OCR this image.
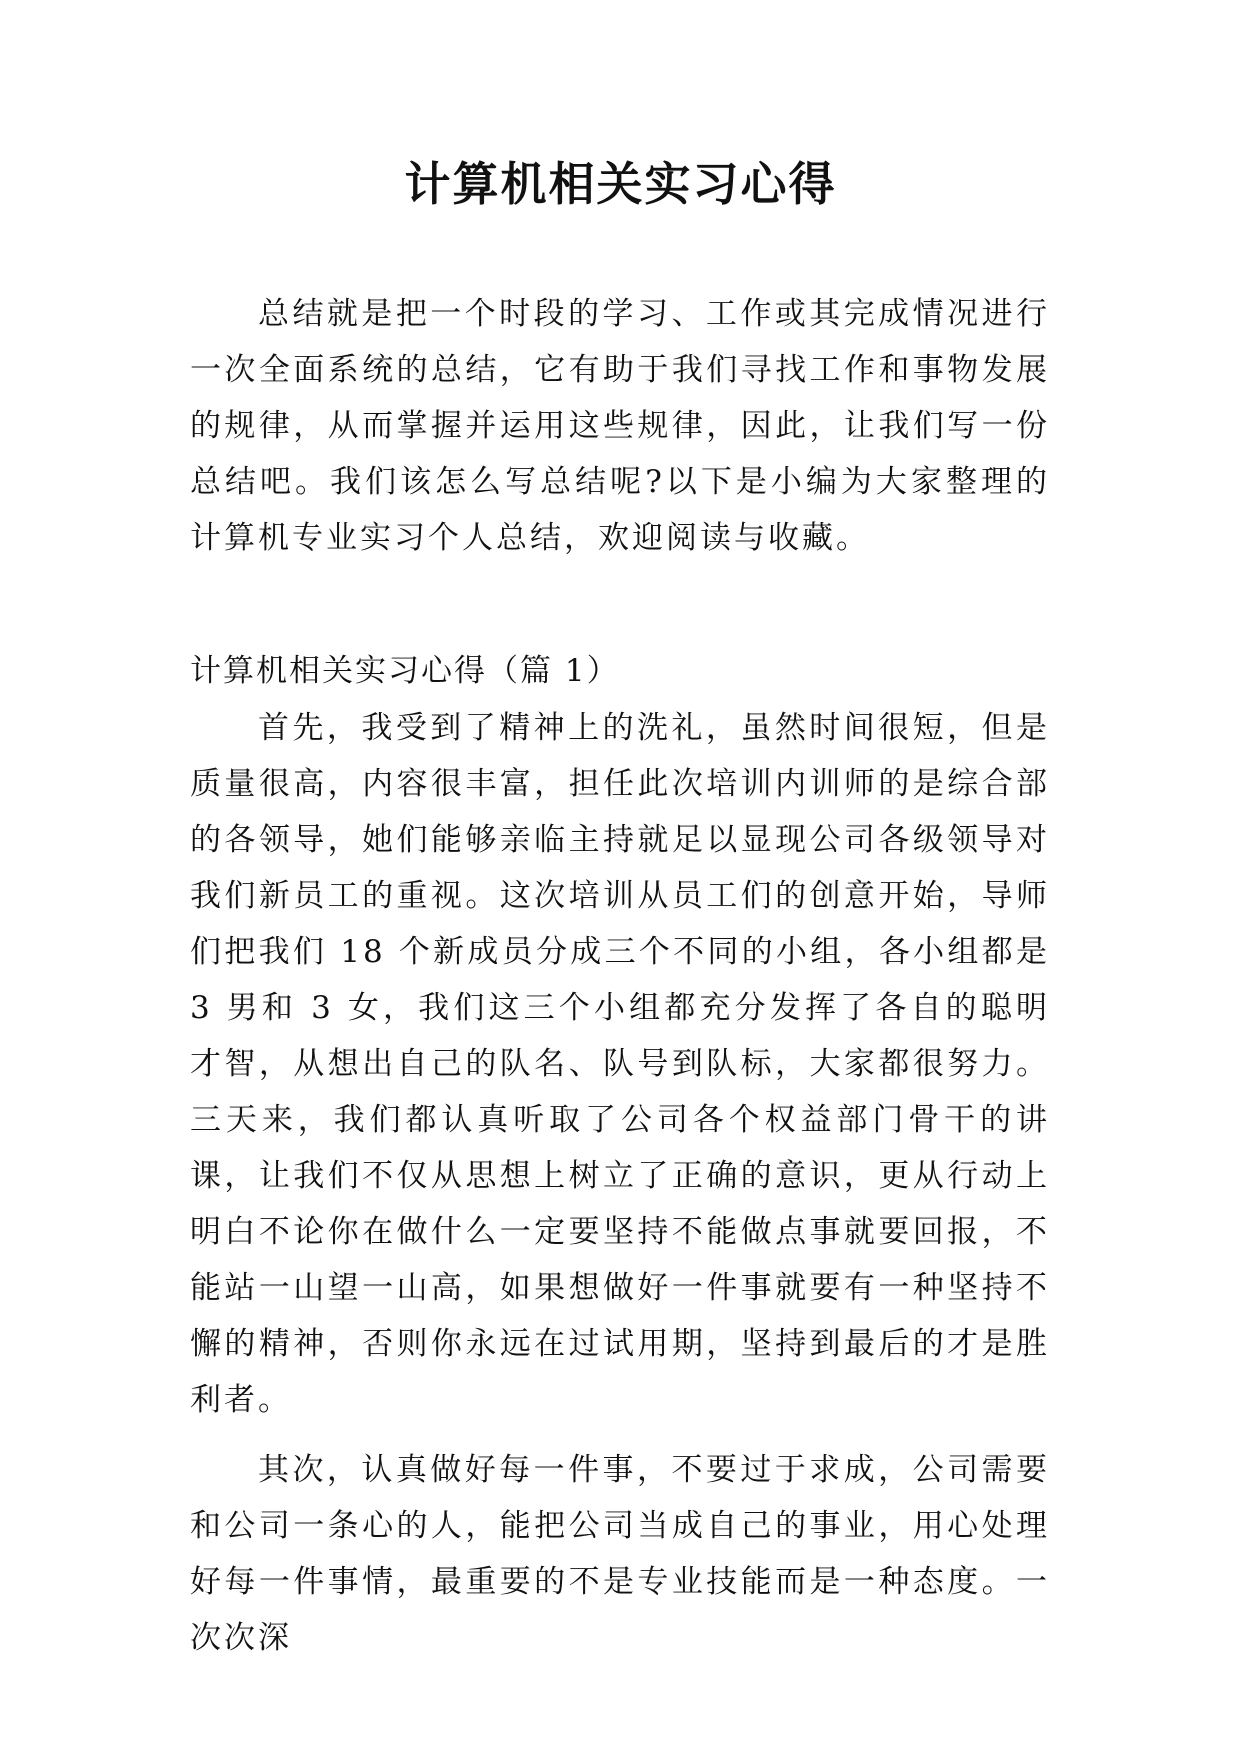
计算机相关实习心得
总结就是把一个时段的学习、工作或其完成情况进行一次全面系统的总结，它有助于我们寻找工作和事物发展的规律，从而掌握并运用这些规律，因此，让我们写一份总结吧。我们该怎么写总结呢?以下是小编为大家整理的计算机专业实习个人总结，欢迎阅读与收藏。
计算机相关实习心得（篇 1）

首先，我受到了精神上的洗礼，虽然时间很短，但是质量很高，内容很丰富，担任此次培训内训师的是综合部的各领导，她们能够亲临主持就足以显现公司各级领导对我们新员工的重视。这次培训从员工们的创意开始，导师们把我们 18 个新成员分成三个不同的小组，各小组都是 3 男和 3 女，我们这三个小组都充分发挥了各自的聪明才智，从想出自己的队名、队号到队标，大家都很努力。三天来，我们都认真听取了公司各个权益部门骨干的讲课，让我们不仅从思想上树立了正确的意识，更从行动上明白不论你在做什么一定要坚持不能做点事就要回报，不能站一山望一山高，如果想做好一件事就要有一种坚持不懈的精神，否则你永远在过试用期，坚持到最后的才是胜利者。

其次，认真做好每一件事，不要过于求成，公司需要和公司一条心的人，能把公司当成自己的事业，用心处理好每一件事情，最重要的不是专业技能而是一种态度。一次次深
